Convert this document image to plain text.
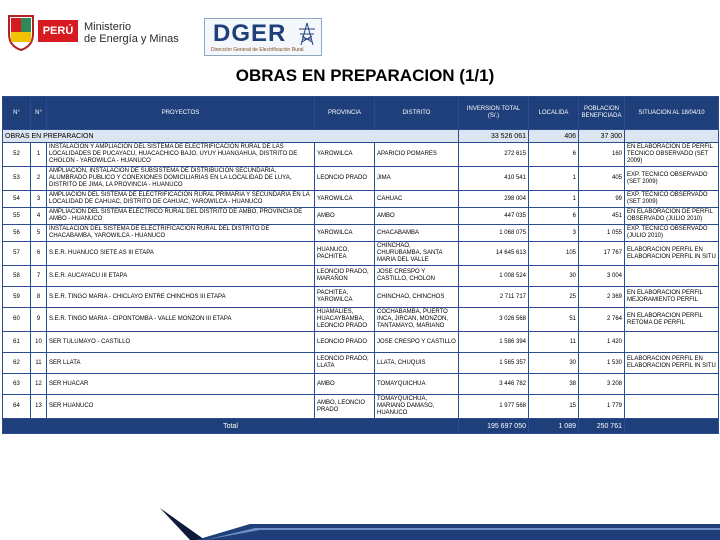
PERÚ Ministerio
de Energía y Minas DGER
Dirección General de Electrificación Rural
OBRAS EN PREPARACION (1/1)
N°	N°	PROYECTOS	PROVINCIA	DISTRITO	INVERSION TOTAL (S/.)	LOCALIDA	POBLACION BENEFICIADA	SITUACION AL 18/04/10
OBRAS EN PREPARACION					33 526 061	406	37 300	
52	1	INSTALACION Y AMPLIACION DEL SISTEMA DE ELECTRIFICACION RURAL DE LAS LOCALIDADES DE PUCAYACU, HUACACHICO BAJO, UYUY HUANGAHUA, DISTRITO DE CHOLON - YAROWILCA - HUANUCO	YAROWILCA	APARICIO POMARES	272 615	6	160	EN ELABORACION DE PERFIL TECNICO OBSERVADO (SET 2009)
53	2	AMPLIACION, INSTALACION DE SUBSISTEMA DE DISTRIBUCION SECUNDARIA, ALUMBRADO PUBLICO Y CONEXIONES DOMICILIARIAS EN LA LOCALIDAD DE LUYA, DISTRITO DE JIMA, LA PROVINCIA - HUANUCO	LEONCIO PRADO	JIMA	410 541	1	405	EXP. TECNICO OBSERVADO (SET 2009)
54	3	AMPLIACION DEL SISTEMA DE ELECTRIFICACION RURAL PRIMARIA Y SECUNDARIA EN LA LOCALIDAD DE CAHUAC, DISTRITO DE CAHUAC, YAROWILCA - HUANUCO	YAROWILCA	CAHUAC	298 004	1	99	EXP. TECNICO OBSERVADO (SET 2009)
55	4	AMPLIACION DEL SISTEMA ELECTRICO RURAL DEL DISTRITO DE AMBO, PROVINCIA DE AMBO - HUANUCO	AMBO	AMBO	447 035	6	451	EN ELABORACION DE PERFIL OBSERVADO (JULIO 2010)
56	5	INSTALACION DEL SISTEMA DE ELECTRIFICACION RURAL DEL DISTRITO DE CHACABAMBA, YAROWILCA - HUANUCO	YAROWILCA	CHACABAMBA	1 068 075	3	1 055	EXP. TECNICO OBSERVADO (JULIO 2010)
57	6	S.E.R. HUANUCO SIETE AS III ETAPA	HUANUCO, PACHITEA	CHINCHAO, CHURUBAMBA, SANTA MARIA DEL VALLE	14 645 613	105	17 767	ELABORACION PERFIL EN ELABORACION PERFIL IN SITU
58	7	S.E.R. AUCAYACU III ETAPA	LEONCIO PRADO, MARAÑON	JOSE CRESPO Y CASTILLO, CHOLON	1 008 524	30	3 004	
59	8	S.E.R. TINGO MARIA - CHICLAYO ENTRE CHINCHOS III ETAPA	PACHITEA, YAROWILCA	CHINCHAO, CHINCHOS	2 711 717	25	2 369	EN ELABORACION PERFIL MEJORAMIENTO PERFIL
60	9	S.E.R. TINGO MARIA - CIPONTOMBA - VALLE MONZON III ETAPA	HUAMALIES, HUACAYBAMBA, LEONCIO PRADO	COCHABAMBA, PUERTO INCA, JIRCAN, MONZON, TANTAMAYO, MARIANO	3 026 568	51	2 764	EN ELABORACION PERFIL RETOMA DE PERFIL
61	10	SER TULUMAYO - CASTILLO	LEONCIO PRADO	JOSE CRESPO Y CASTILLO	1 586 394	11	1 420	
62	11	SER LLATA	LEONCIO PRADO, LLATA	LLATA, CHUQUIS	1 565 357	30	1 530	ELABORACION PERFIL EN ELABORACION PERFIL IN SITU
63	12	SER HUACAR	AMBO	TOMAYQUICHUA	3 446 782	38	3 208	
64	13	SER HUANUCO	AMBO, LEONCIO PRADO	TOMAYQUICHUA, MARIANO DAMASO, HUANUCO	1 977 568	15	1 779	
Total					195 697 050	1 089	250 761	
